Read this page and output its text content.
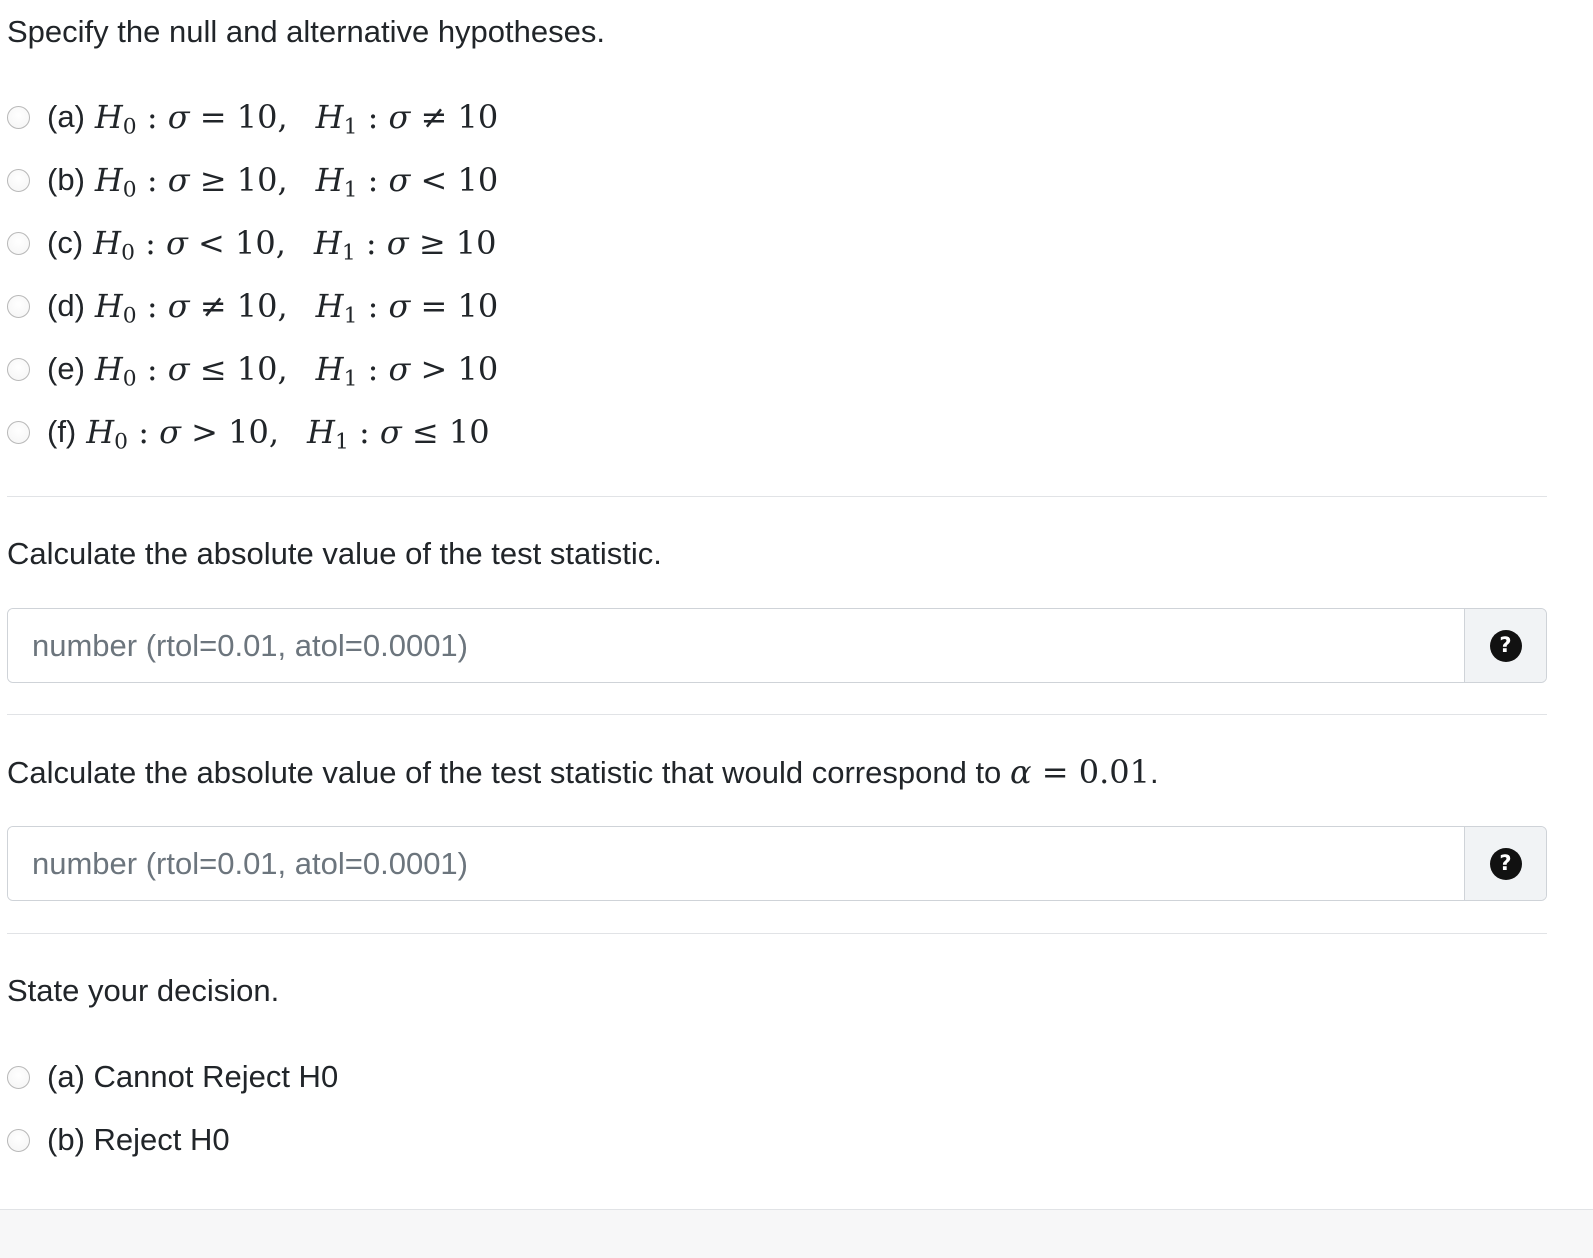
Specify the null and alternative hypotheses.
(a) $H_0$ : σ = 10, $H_1$ : σ ≠ 10
(b) $H_0$ : σ ≥ 10, $H_1$ : σ < 10
(c) $H_0$ : σ < 10, $H_1$ : σ ≥ 10
(d) $H_0$ : σ ≠ 10, $H_1$ : σ = 10
(e) $H_0$ : σ ≤ 10, $H_1$ : σ > 10
(f) $H_0$ : σ > 10, $H_1$ : σ ≤ 10
Calculate the absolute value of the test statistic.
number (rtol=0.01, atol=0.0001)
?
Calculate the absolute value of the test statistic that would correspond to α = 0.01.
number (rtol=0.01, atol=0.0001)
?
State your decision.
(a) Cannot Reject H0
(b) Reject H0
